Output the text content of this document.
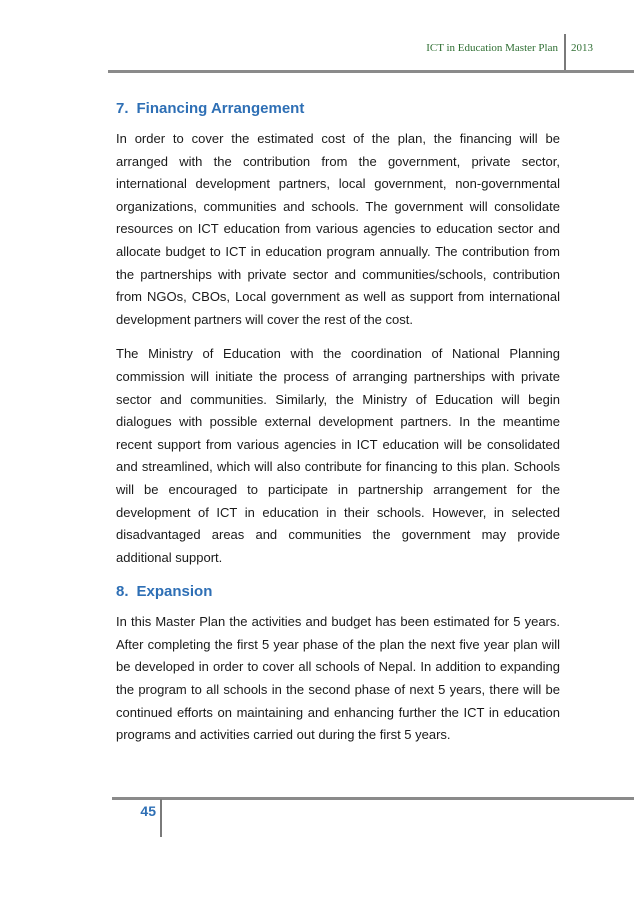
ICT in Education Master Plan 2013
7. Financing Arrangement

In order to cover the estimated cost of the plan, the financing will be arranged with the contribution from the government, private sector, international development partners, local government, non-governmental organizations, communities and schools. The government will consolidate resources on ICT education from various agencies to education sector and allocate budget to ICT in education program annually. The contribution from the partnerships with private sector and communities/schools, contribution from NGOs, CBOs, Local government as well as support from international development partners will cover the rest of the cost.

The Ministry of Education with the coordination of National Planning commission will initiate the process of arranging partnerships with private sector and communities. Similarly, the Ministry of Education will begin dialogues with possible external development partners. In the meantime recent support from various agencies in ICT education will be consolidated and streamlined, which will also contribute for financing to this plan. Schools will be encouraged to participate in partnership arrangement for the development of ICT in education in their schools. However, in selected disadvantaged areas and communities the government may provide additional support.

8. Expansion

In this Master Plan the activities and budget has been estimated for 5 years. After completing the first 5 year phase of the plan the next five year plan will be developed in order to cover all schools of Nepal. In addition to expanding the program to all schools in the second phase of next 5 years, there will be continued efforts on maintaining and enhancing further the ICT in education programs and activities carried out during the first 5 years.

45
